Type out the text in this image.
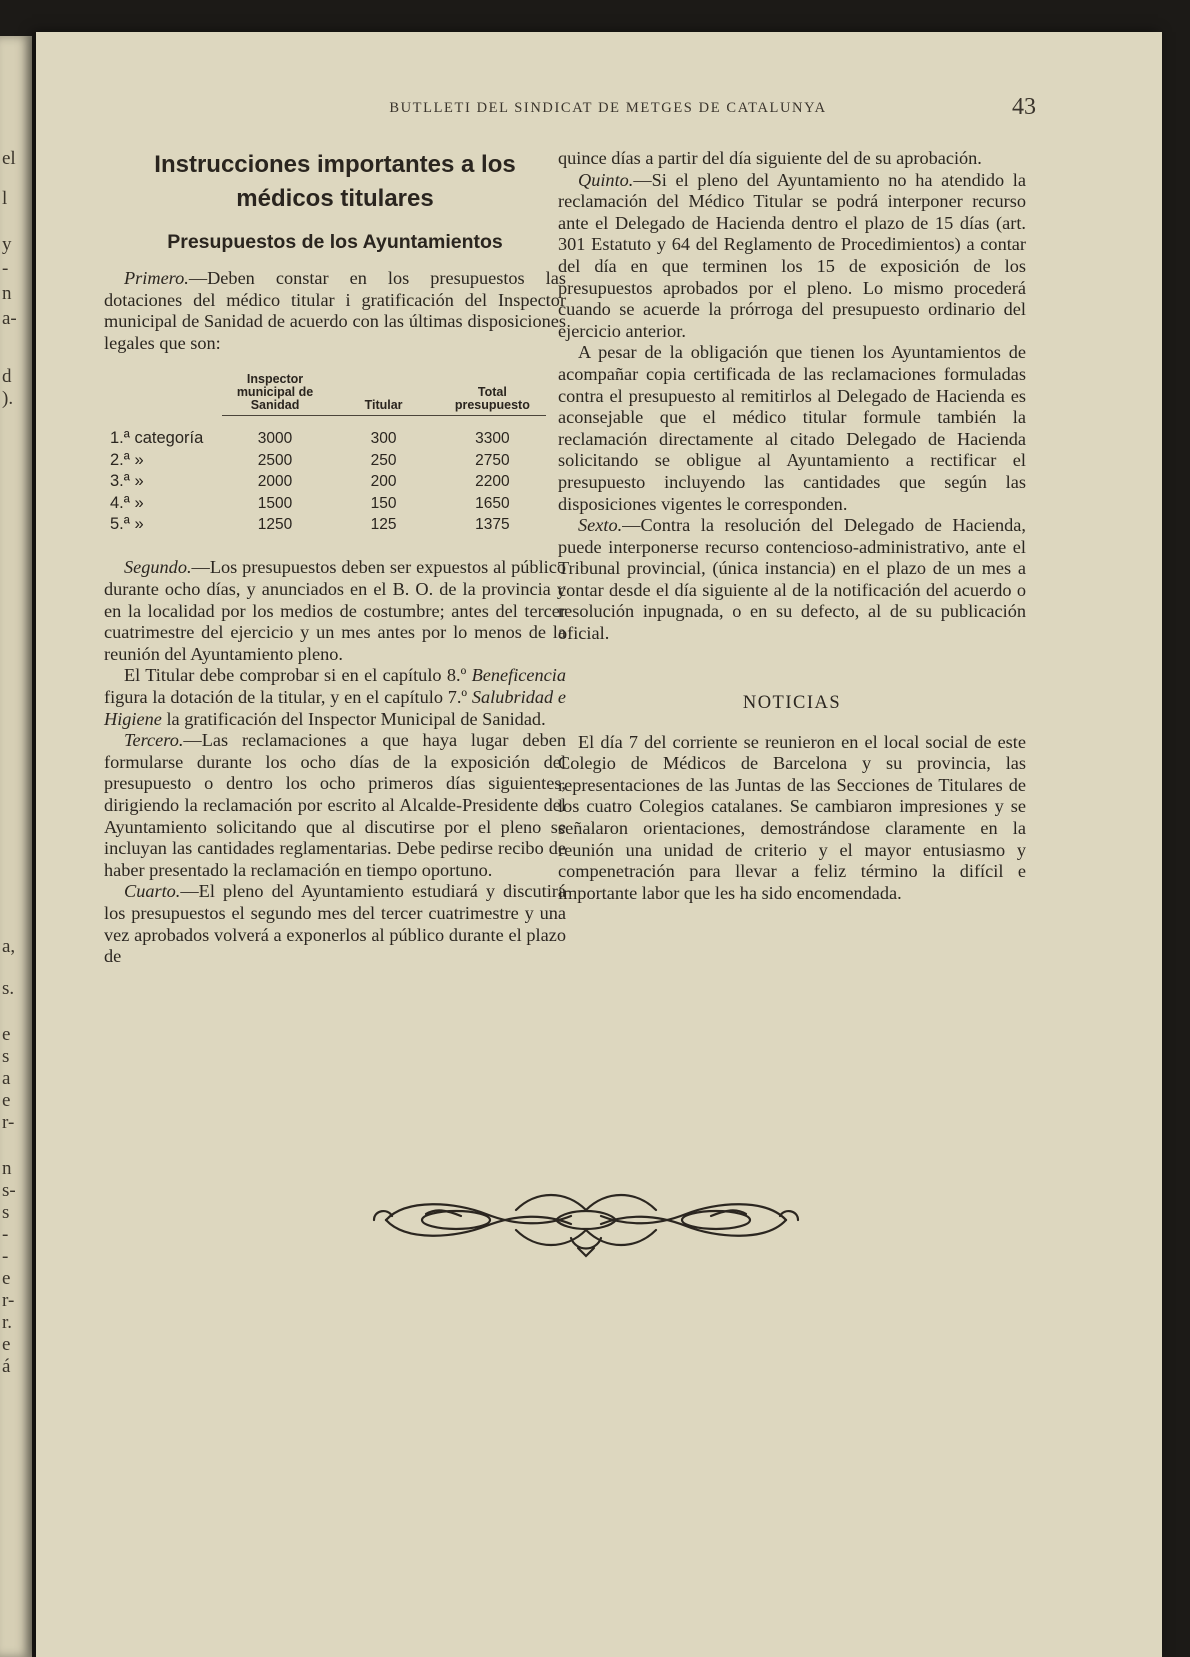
el
l
y
-
n
a-
d
).
a,
s.
e
s
a
e
r-
n
s-
s
-
-
e
r-
r.
e
á
BUTLLETI DEL SINDICAT DE METGES DE CATALUNYA	43
Instrucciones importantes a los médicos titulares
Presupuestos de los Ayuntamientos

Primero.—Deben constar en los presupuestos las dotaciones del médico titular i gratificación del Inspector municipal de Sanidad de acuerdo con las últimas disposiciones legales que son:

	Inspector municipal de Sanidad	Titular	Total presupuesto
1.ª categoría	3000	300	3300
2.ª »	2500	250	2750
3.ª »	2000	200	2200
4.ª »	1500	150	1650
5.ª »	1250	125	1375

Segundo.—Los presupuestos deben ser expuestos al público durante ocho días, y anunciados en el B. O. de la provincia y en la localidad por los medios de costumbre; antes del tercer cuatrimestre del ejercicio y un mes antes por lo menos de la reunión del Ayuntamiento pleno.

El Titular debe comprobar si en el capítulo 8.º Beneficencia figura la dotación de la titular, y en el capítulo 7.º Salubridad e Higiene la gratificación del Inspector Municipal de Sanidad.

Tercero.—Las reclamaciones a que haya lugar deben formularse durante los ocho días de la exposición del presupuesto o dentro los ocho primeros días siguientes, dirigiendo la reclamación por escrito al Alcalde-Presidente del Ayuntamiento solicitando que al discutirse por el pleno se incluyan las cantidades reglamentarias. Debe pedirse recibo de haber presentado la reclamación en tiempo oportuno.

Cuarto.—El pleno del Ayuntamiento estudiará y discutirá los presupuestos el segundo mes del tercer cuatrimestre y una vez aprobados volverá a exponerlos al público durante el plazo de

quince días a partir del día siguiente del de su aprobación.

Quinto.—Si el pleno del Ayuntamiento no ha atendido la reclamación del Médico Titular se podrá interponer recurso ante el Delegado de Hacienda dentro el plazo de 15 días (art. 301 Estatuto y 64 del Reglamento de Procedimientos) a contar del día en que terminen los 15 de exposición de los presupuestos aprobados por el pleno. Lo mismo procederá cuando se acuerde la prórroga del presupuesto ordinario del ejercicio anterior.

A pesar de la obligación que tienen los Ayuntamientos de acompañar copia certificada de las reclamaciones formuladas contra el presupuesto al remitirlos al Delegado de Hacienda es aconsejable que el médico titular formule también la reclamación directamente al citado Delegado de Hacienda solicitando se obligue al Ayuntamiento a rectificar el presupuesto incluyendo las cantidades que según las disposiciones vigentes le corresponden.

Sexto.—Contra la resolución del Delegado de Hacienda, puede interponerse recurso contencioso-administrativo, ante el Tribunal provincial, (única instancia) en el plazo de un mes a contar desde el día siguiente al de la notificación del acuerdo o resolución inpugnada, o en su defecto, al de su publicación oficial.

NOTICIAS

El día 7 del corriente se reunieron en el local social de este Colegio de Médicos de Barcelona y su provincia, las representaciones de las Juntas de las Secciones de Titulares de los cuatro Colegios catalanes. Se cambiaron impresiones y se señalaron orientaciones, demostrándose claramente en la reunión una unidad de criterio y el mayor entusiasmo y compenetración para llevar a feliz término la difícil e importante labor que les ha sido encomendada.
